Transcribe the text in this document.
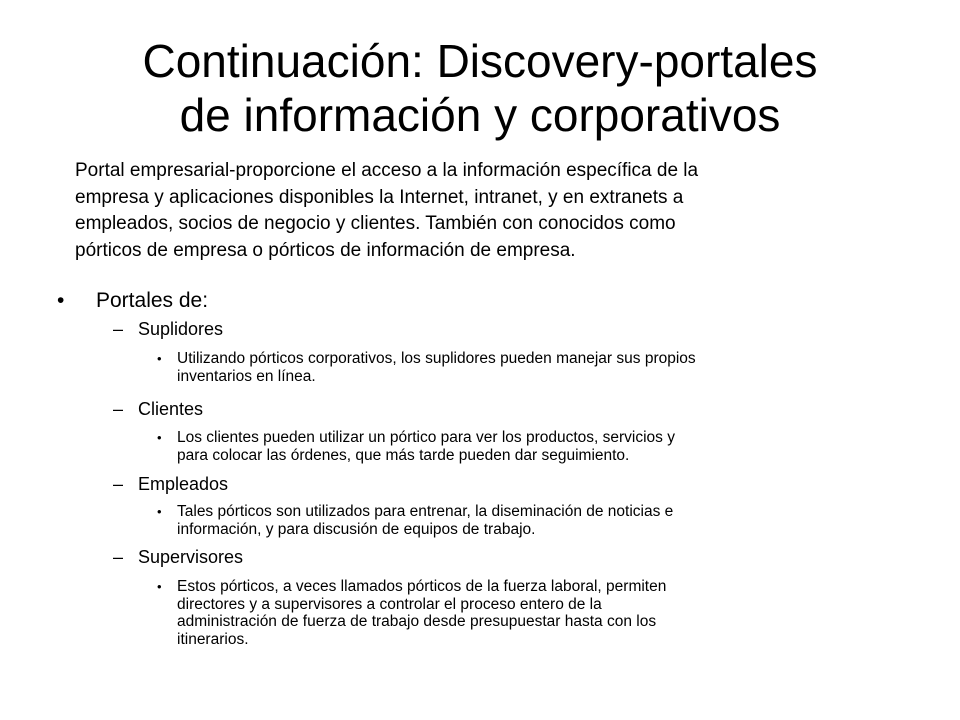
Continuación: Discovery-portales
de información y corporativos
Portal empresarial-proporcione el acceso a la información específica de la
empresa y aplicaciones disponibles la Internet, intranet, y en extranets a
empleados, socios de negocio y clientes. También con conocidos como
pórticos de empresa o pórticos de información de empresa.
• Portales de:
– Suplidores
• Utilizando pórticos corporativos, los suplidores pueden manejar sus propios
inventarios en línea.
– Clientes
• Los clientes pueden utilizar un pórtico para ver los productos, servicios y
para colocar las órdenes, que más tarde pueden dar seguimiento.
– Empleados
• Tales pórticos son utilizados para entrenar, la diseminación de noticias e
información, y para discusión de equipos de trabajo.
– Supervisores
• Estos pórticos, a veces llamados pórticos de la fuerza laboral, permiten
directores y a supervisores a controlar el proceso entero de la
administración de fuerza de trabajo desde presupuestar hasta con los
itinerarios.
